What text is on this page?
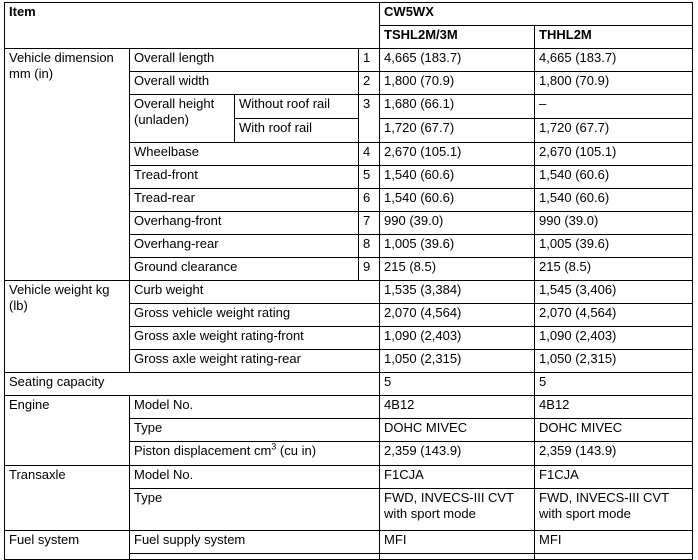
Item				CW5WX	
				TSHL2M/3M	THHL2M
Vehicle dimension mm (in)	Overall length		1	4,665 (183.7)	4,665 (183.7)
	Overall width		2	1,800 (70.9)	1,800 (70.9)
	Overall height (unladen)	Without roof rail	3	1,680 (66.1)	–
		With roof rail		1,720 (67.7)	1,720 (67.7)
	Wheelbase		4	2,670 (105.1)	2,670 (105.1)
	Tread-front		5	1,540 (60.6)	1,540 (60.6)
	Tread-rear		6	1,540 (60.6)	1,540 (60.6)
	Overhang-front		7	990 (39.0)	990 (39.0)
	Overhang-rear		8	1,005 (39.6)	1,005 (39.6)
	Ground clearance		9	215 (8.5)	215 (8.5)
Vehicle weight kg (lb)	Curb weight			1,535 (3,384)	1,545 (3,406)
	Gross vehicle weight rating			2,070 (4,564)	2,070 (4,564)
	Gross axle weight rating-front			1,090 (2,403)	1,090 (2,403)
	Gross axle weight rating-rear			1,050 (2,315)	1,050 (2,315)
Seating capacity				5	5
Engine	Model No.			4B12	4B12
	Type			DOHC MIVEC	DOHC MIVEC
	Piston displacement $cm^3$ (cu in)			2,359 (143.9)	2,359 (143.9)
Transaxle	Model No.			F1CJA	F1CJA
	Type			FWD, INVECS-III CVT with sport mode	FWD, INVECS-III CVT with sport mode
Fuel system	Fuel supply system			MFI	MFI
